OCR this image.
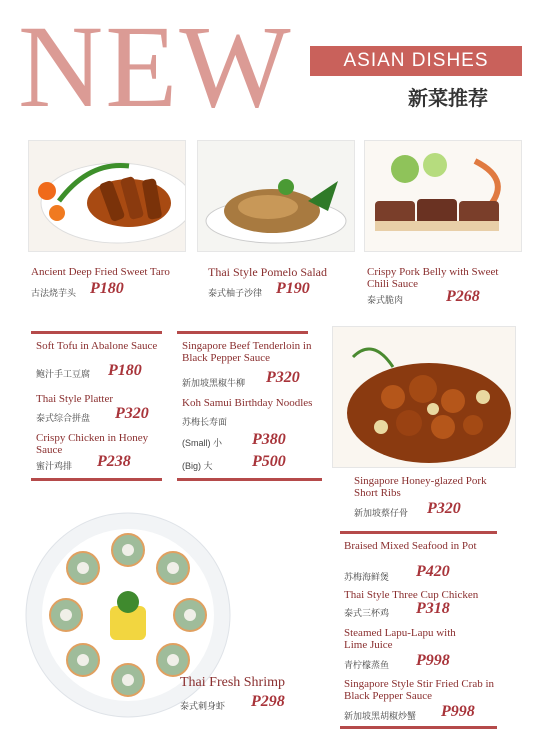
NEW	ASIAN DISHES
新菜推荐
Ancient Deep Fried Sweet Taro
古法烧芋头 P180
Thai Style Pomelo Salad
泰式柚子沙律 P190
Crispy Pork Belly with Sweet Chili Sauce
泰式脆肉	P268
Soft Tofu in Abalone Sauce
鲍汁手工豆腐 P180
Thai Style Platter
泰式综合拼盘 P320
Crispy Chicken in Honey Sauce
蜜汁鸡排 P238
Singapore Beef Tenderloin in Black Pepper Sauce
新加坡黑椒牛柳 P320
Koh Samui Birthday Noodles
苏梅长寿面
(Small) 小 P380
(Big) 大 P500
Singapore Honey-glazed Pork Short Ribs
新加坡蔡仔骨 P320
Thai Fresh Shrimp
泰式刺身虾 P298
Braised Mixed Seafood in Pot
苏梅海鲜煲 P420
Thai Style Three Cup Chicken
泰式三杯鸡 P318
Steamed Lapu-Lapu with Lime Juice
青柠檬蒸鱼 P998
Singapore Style Stir Fried Crab in Black Pepper Sauce
新加坡黑胡椒炒蟹 P998
